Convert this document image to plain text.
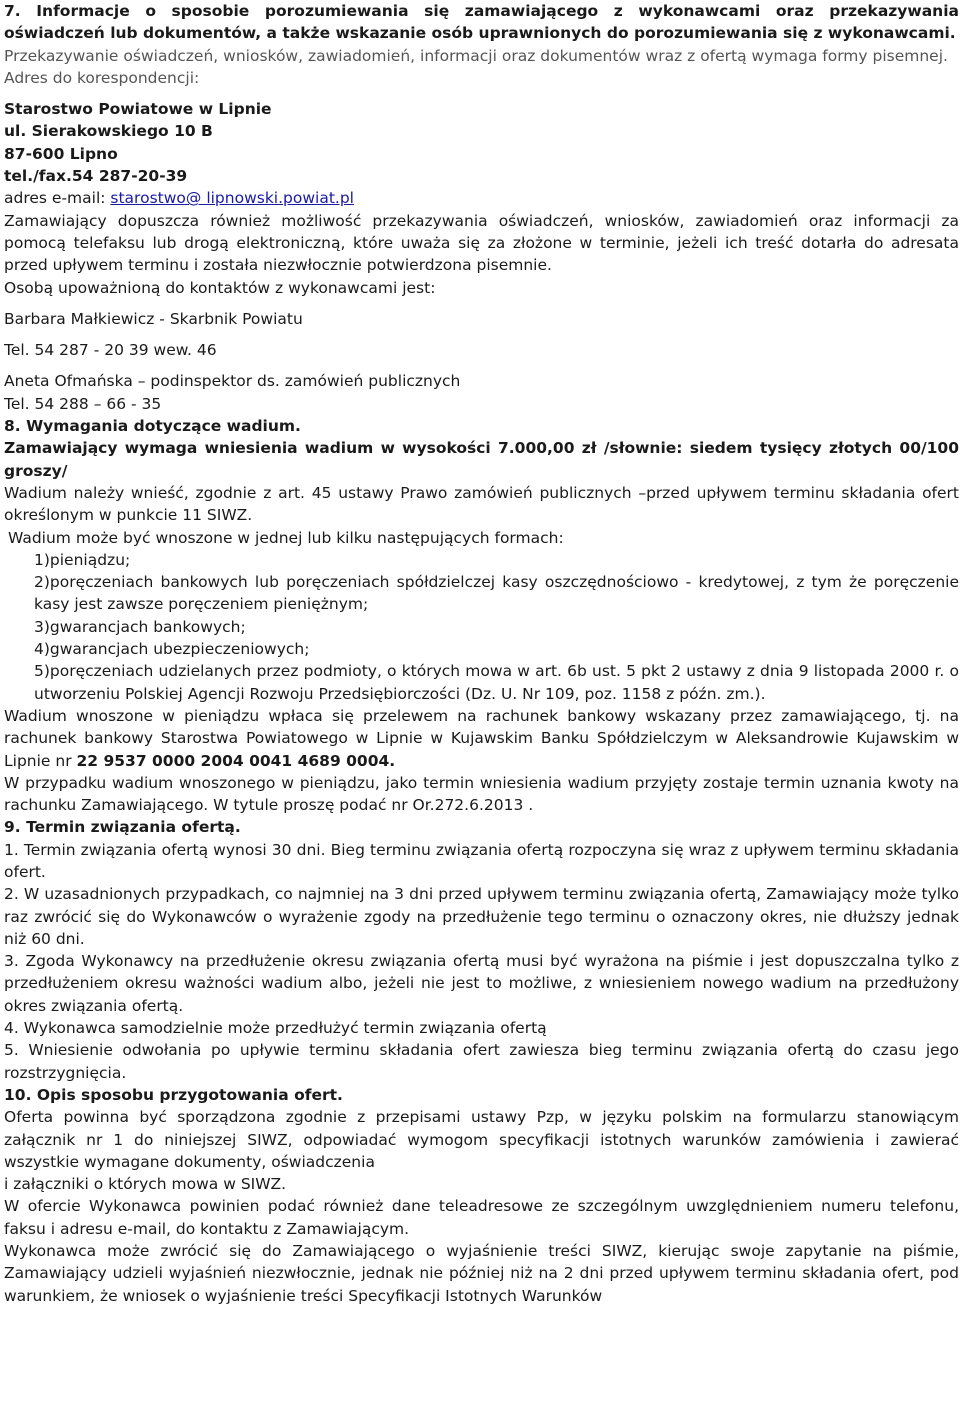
7. Informacje o sposobie porozumiewania się zamawiającego z wykonawcami oraz przekazywania oświadczeń lub dokumentów, a także wskazanie osób uprawnionych do porozumiewania się z wykonawcami.

Przekazywanie oświadczeń, wniosków, zawiadomień, informacji oraz dokumentów wraz z ofertą wymaga formy pisemnej.

Adres do korespondencji:

Starostwo Powiatowe w Lipnie

ul. Sierakowskiego 10 B

87-600 Lipno

tel./fax.54 287-20-39

adres e-mail: starostwo@ lipnowski.powiat.pl

Zamawiający dopuszcza również możliwość przekazywania oświadczeń, wniosków, zawiadomień oraz informacji za pomocą telefaksu lub drogą elektroniczną, które uważa się za złożone w terminie, jeżeli ich treść dotarła do adresata przed upływem terminu i została niezwłocznie potwierdzona pisemnie.

Osobą upoważnioną do kontaktów z wykonawcami jest:

Barbara Małkiewicz - Skarbnik Powiatu

Tel. 54 287 - 20 39 wew. 46

Aneta Ofmańska – podinspektor ds. zamówień publicznych

Tel. 54 288 – 66 - 35

8. Wymagania dotyczące wadium.

Zamawiający wymaga wniesienia wadium w wysokości 7.000,00 zł /słownie: siedem tysięcy złotych 00/100 groszy/

Wadium należy wnieść, zgodnie z art. 45 ustawy Prawo zamówień publicznych –przed upływem terminu składania ofert określonym w punkcie 11 SIWZ.

Wadium może być wnoszone w jednej lub kilku następujących formach:

1)pieniądzu;

2)poręczeniach bankowych lub poręczeniach spółdzielczej kasy oszczędnościowo - kredytowej, z tym że poręczenie kasy jest zawsze poręczeniem pieniężnym;

3)gwarancjach bankowych;

4)gwarancjach ubezpieczeniowych;

5)poręczeniach udzielanych przez podmioty, o których mowa w art. 6b ust. 5 pkt 2 ustawy z dnia 9 listopada 2000 r. o utworzeniu Polskiej Agencji Rozwoju Przedsiębiorczości (Dz. U. Nr 109, poz. 1158 z późn. zm.).

Wadium wnoszone w pieniądzu wpłaca się przelewem na rachunek bankowy wskazany przez zamawiającego, tj. na rachunek bankowy Starostwa Powiatowego w Lipnie w Kujawskim Banku Spółdzielczym w Aleksandrowie Kujawskim w Lipnie nr 22 9537 0000 2004 0041 4689 0004.

W przypadku wadium wnoszonego w pieniądzu, jako termin wniesienia wadium przyjęty zostaje termin uznania kwoty na rachunku Zamawiającego. W tytule proszę podać nr Or.272.6.2013 .

9. Termin związania ofertą.

1. Termin związania ofertą wynosi 30 dni. Bieg terminu związania ofertą rozpoczyna się wraz z upływem terminu składania ofert.

2. W uzasadnionych przypadkach, co najmniej na 3 dni przed upływem terminu związania ofertą, Zamawiający może tylko raz zwrócić się do Wykonawców o wyrażenie zgody na przedłużenie tego terminu o oznaczony okres, nie dłuższy jednak niż 60 dni.

3. Zgoda Wykonawcy na przedłużenie okresu związania ofertą musi być wyrażona na piśmie i jest dopuszczalna tylko z przedłużeniem okresu ważności wadium albo, jeżeli nie jest to możliwe, z wniesieniem nowego wadium na przedłużony okres związania ofertą.

4. Wykonawca samodzielnie może przedłużyć termin związania ofertą

5. Wniesienie odwołania po upływie terminu składania ofert zawiesza bieg terminu związania ofertą do czasu jego rozstrzygnięcia.

10. Opis sposobu przygotowania ofert.

Oferta powinna być sporządzona zgodnie z przepisami ustawy Pzp, w języku polskim na formularzu stanowiącym załącznik nr 1 do niniejszej SIWZ, odpowiadać wymogom specyfikacji istotnych warunków zamówienia i zawierać wszystkie wymagane dokumenty, oświadczenia

i załączniki o których mowa w SIWZ.

W ofercie Wykonawca powinien podać również dane teleadresowe ze szczególnym uwzględnieniem numeru telefonu, faksu i adresu e-mail, do kontaktu z Zamawiającym.

Wykonawca może zwrócić się do Zamawiającego o wyjaśnienie treści SIWZ, kierując swoje zapytanie na piśmie, Zamawiający udzieli wyjaśnień niezwłocznie, jednak nie później niż na 2 dni przed upływem terminu składania ofert, pod warunkiem, że wniosek o wyjaśnienie treści Specyfikacji Istotnych Warunków
